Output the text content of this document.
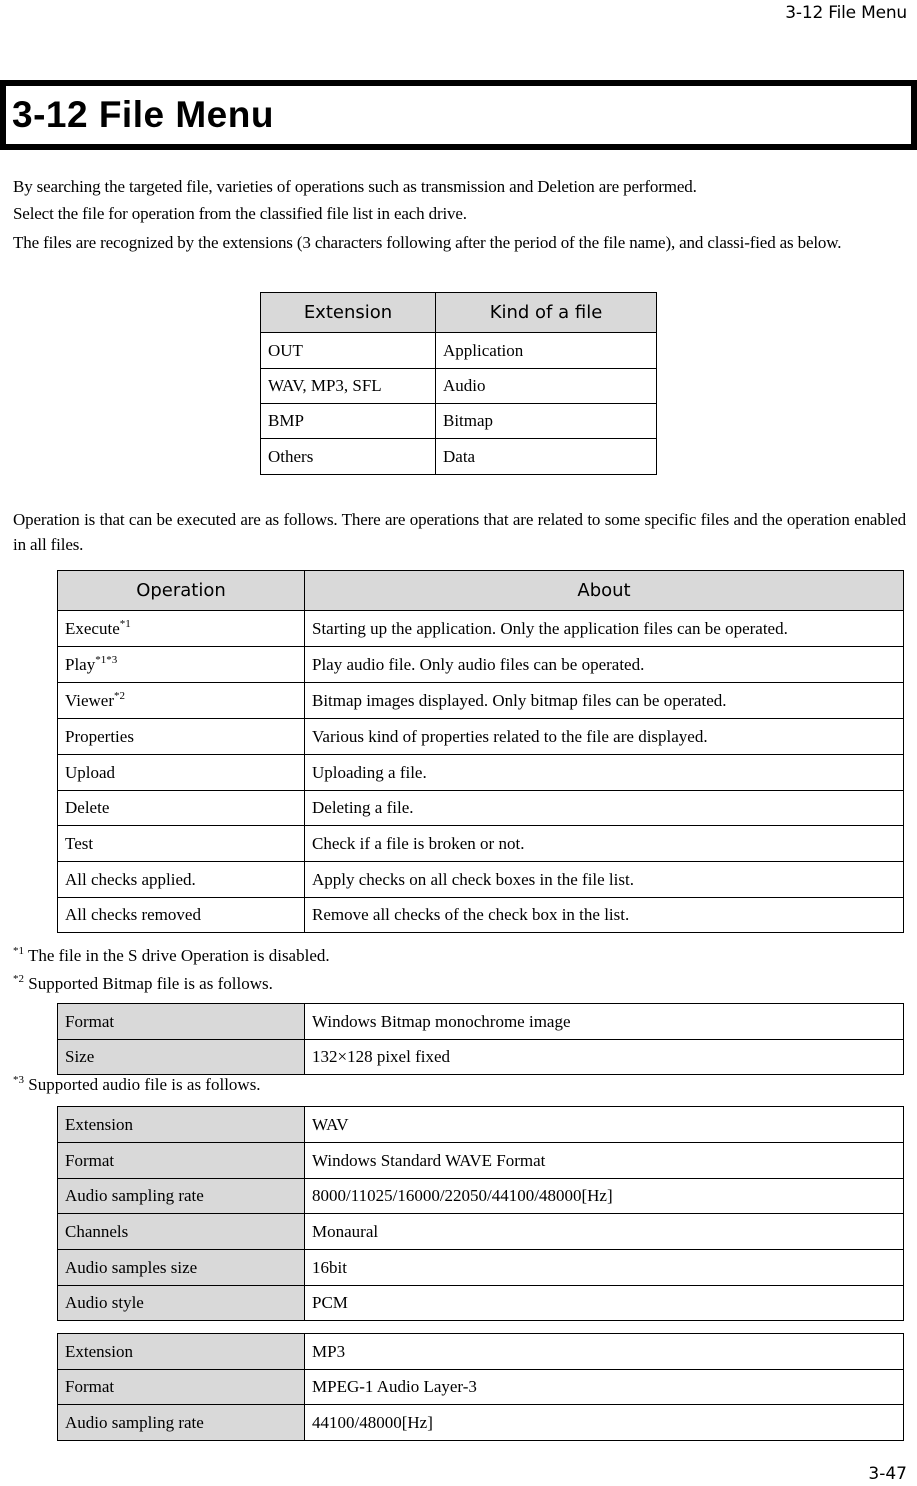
3-12 File Menu
3-12 File Menu
By searching the targeted file, varieties of operations such as transmission and Deletion are performed.
Select the file for operation from the classified file list in each drive.
The files are recognized by the extensions (3 characters following after the period of the file name), and classi-fied as below.
Extension	Kind of a file
OUT	Application
WAV, MP3, SFL	Audio
BMP	Bitmap
Others	Data
Operation is that can be executed are as follows. There are operations that are related to some specific files and the operation enabled in all files.
Operation	About
Execute$^{*1}$	Starting up the application. Only the application files can be operated.
Play$^{*1*3}$	Play audio file. Only audio files can be operated.
Viewer$^{*2}$	Bitmap images displayed. Only bitmap files can be operated.
Properties	Various kind of properties related to the file are displayed.
Upload	Uploading a file.
Delete	Deleting a file.
Test	Check if a file is broken or not.
All checks applied.	Apply checks on all check boxes in the file list.
All checks removed	Remove all checks of the check box in the list.
$^{*1}$ The file in the S drive Operation is disabled.
$^{*2}$ Supported Bitmap file is as follows.
Format	Windows Bitmap monochrome image
Size	132×128 pixel fixed
$^{*3}$ Supported audio file is as follows.
Extension	WAV
Format	Windows Standard WAVE Format
Audio sampling rate	8000/11025/16000/22050/44100/48000[Hz]
Channels	Monaural
Audio samples size	16bit
Audio style	PCM
Extension	MP3
Format	MPEG-1 Audio Layer-3
Audio sampling rate	44100/48000[Hz]
3-47
